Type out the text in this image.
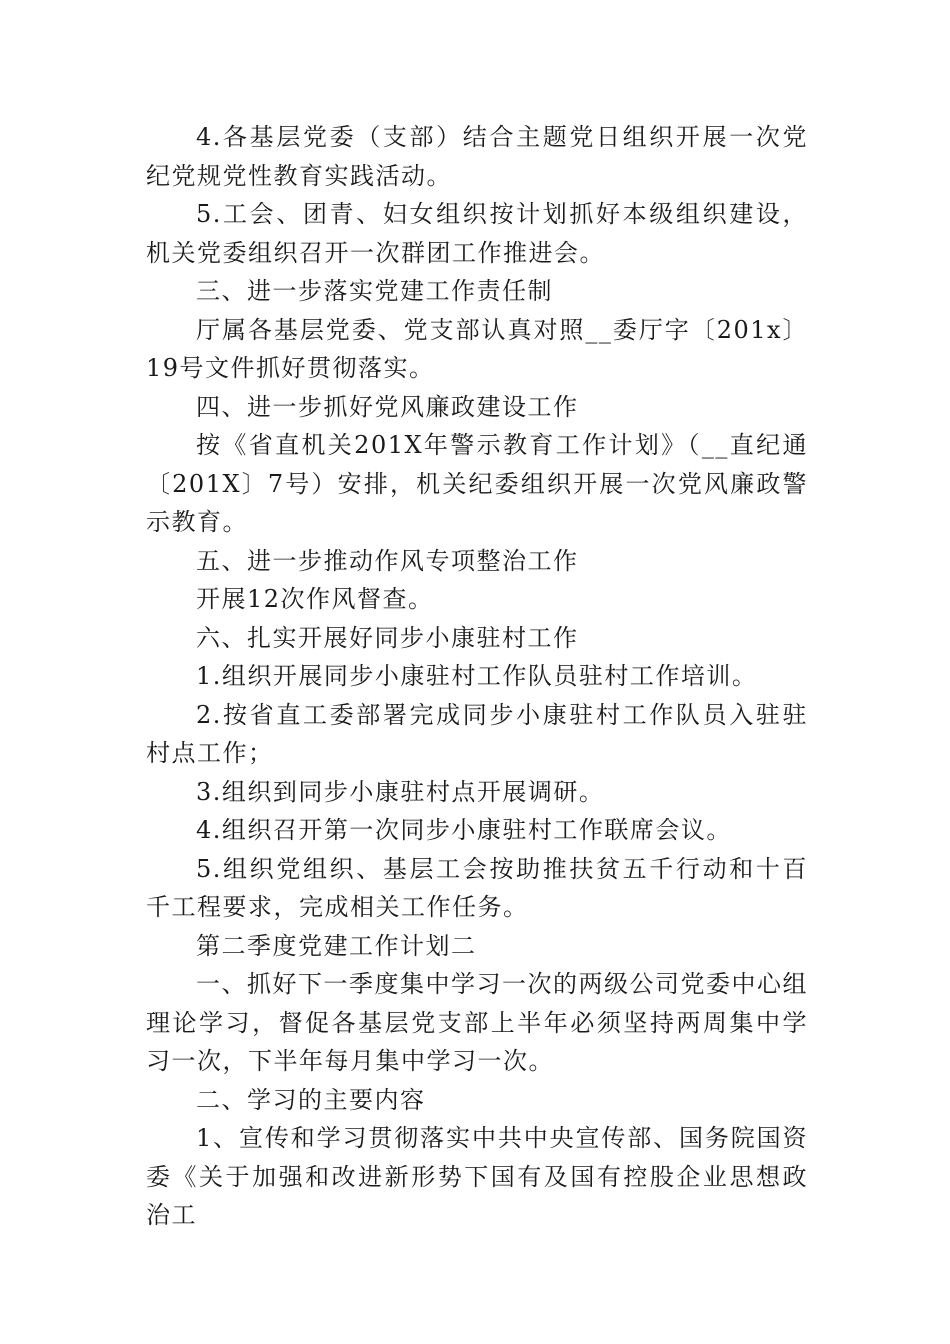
4.各基层党委（支部）结合主题党日组织开展一次党纪党规党性教育实践活动。

5.工会、团青、妇女组织按计划抓好本级组织建设，机关党委组织召开一次群团工作推进会。

三、进一步落实党建工作责任制

厅属各基层党委、党支部认真对照__委厅字〔201x〕19号文件抓好贯彻落实。

四、进一步抓好党风廉政建设工作

按《省直机关201X年警示教育工作计划》（__直纪通〔201X〕7号）安排，机关纪委组织开展一次党风廉政警示教育。

五、进一步推动作风专项整治工作

开展12次作风督查。

六、扎实开展好同步小康驻村工作

1.组织开展同步小康驻村工作队员驻村工作培训。

2.按省直工委部署完成同步小康驻村工作队员入驻驻村点工作；

3.组织到同步小康驻村点开展调研。

4.组织召开第一次同步小康驻村工作联席会议。

5.组织党组织、基层工会按助推扶贫五千行动和十百千工程要求，完成相关工作任务。

第二季度党建工作计划二

一、抓好下一季度集中学习一次的两级公司党委中心组理论学习，督促各基层党支部上半年必须坚持两周集中学习一次，下半年每月集中学习一次。

二、学习的主要内容

1、宣传和学习贯彻落实中共中央宣传部、国务院国资委《关于加强和改进新形势下国有及国有控股企业思想政治工
